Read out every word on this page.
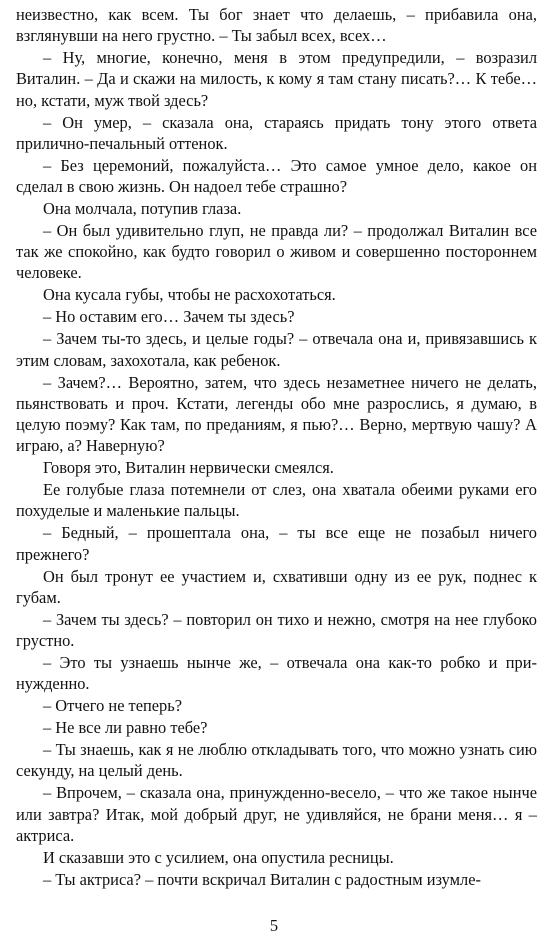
неизвестно, как всем. Ты бог знает что делаешь, – прибавила она, взглянувши на него грустно. – Ты забыл всех, всех…

– Ну, многие, конечно, меня в этом предупредили, – возразил Виталин. – Да и скажи на милость, к кому я там стану писать?… К тебе… но, кстати, муж твой здесь?

– Он умер, – сказала она, стараясь придать тону этого ответа прилично-печальный оттенок.

– Без церемоний, пожалуйста… Это самое умное дело, какое он сделал в свою жизнь. Он надоел тебе страшно?

Она молчала, потупив глаза.

– Он был удивительно глуп, не правда ли? – продолжал Виталин все так же спокойно, как будто говорил о живом и совершенно постороннем человеке.

Она кусала губы, чтобы не расхохотаться.

– Но оставим его… Зачем ты здесь?

– Зачем ты-то здесь, и целые годы? – отвечала она и, привязавшись к этим словам, захохотала, как ребенок.

– Зачем?… Вероятно, затем, что здесь незаметнее ничего не делать, пьянствовать и проч. Кстати, легенды обо мне разрослись, я думаю, в целую поэму? Как там, по преданиям, я пью?… Верно, мертвую чашу? А играю, а? Наверную?

Говоря это, Виталин нервически смеялся.

Ее голубые глаза потемнели от слез, она хватала обеими руками его похуделые и маленькие пальцы.

– Бедный, – прошептала она, – ты все еще не позабыл ничего прежнего?

Он был тронут ее участием и, схвативши одну из ее рук, поднес к губам.

– Зачем ты здесь? – повторил он тихо и нежно, смотря на нее глубоко грустно.

– Это ты узнаешь нынче же, – отвечала она как-то робко и принужденно.

– Отчего не теперь?

– Не все ли равно тебе?

– Ты знаешь, как я не люблю откладывать того, что можно узнать сию секунду, на целый день.

– Впрочем, – сказала она, принужденно-весело, – что же такое нынче или завтра? Итак, мой добрый друг, не удивляйся, не брани меня… я – актриса.

И сказавши это с усилием, она опустила ресницы.

– Ты актриса? – почти вскричал Виталин с радостным изумле-

5
